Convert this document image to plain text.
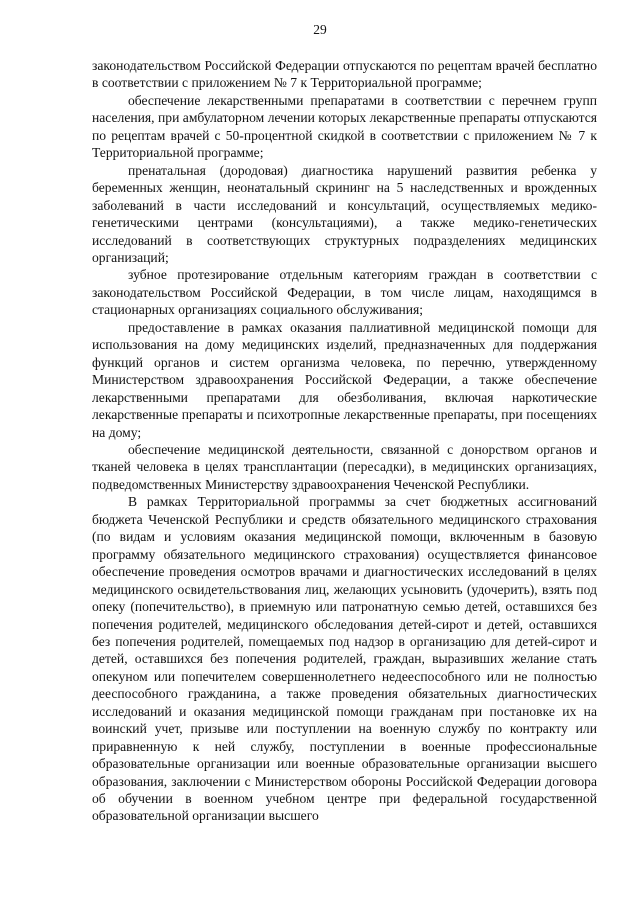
29

законодательством Российской Федерации отпускаются по рецептам врачей бесплатно в соответствии с приложением № 7 к Территориальной программе;

обеспечение лекарственными препаратами в соответствии с перечнем групп населения, при амбулаторном лечении которых лекарственные препараты отпускаются по рецептам врачей с 50-процентной скидкой в соответствии с приложением № 7 к Территориальной программе;

пренатальная (дородовая) диагностика нарушений развития ребенка у беременных женщин, неонатальный скрининг на 5 наследственных и врожденных заболеваний в части исследований и консультаций, осуществляемых медико-генетическими центрами (консультациями), а также медико-генетических исследований в соответствующих структурных подразделениях медицинских организаций;

зубное протезирование отдельным категориям граждан в соответствии с законодательством Российской Федерации, в том числе лицам, находящимся в стационарных организациях социального обслуживания;

предоставление в рамках оказания паллиативной медицинской помощи для использования на дому медицинских изделий, предназначенных для поддержания функций органов и систем организма человека, по перечню, утвержденному Министерством здравоохранения Российской Федерации, а также обеспечение лекарственными препаратами для обезболивания, включая наркотические лекарственные препараты и психотропные лекарственные препараты, при посещениях на дому;

обеспечение медицинской деятельности, связанной с донорством органов и тканей человека в целях трансплантации (пересадки), в медицинских организациях, подведомственных Министерству здравоохранения Чеченской Республики.

В рамках Территориальной программы за счет бюджетных ассигнований бюджета Чеченской Республики и средств обязательного медицинского страхования (по видам и условиям оказания медицинской помощи, включенным в базовую программу обязательного медицинского страхования) осуществляется финансовое обеспечение проведения осмотров врачами и диагностических исследований в целях медицинского освидетельствования лиц, желающих усыновить (удочерить), взять под опеку (попечительство), в приемную или патронатную семью детей, оставшихся без попечения родителей, медицинского обследования детей-сирот и детей, оставшихся без попечения родителей, помещаемых под надзор в организацию для детей-сирот и детей, оставшихся без попечения родителей, граждан, выразивших желание стать опекуном или попечителем совершеннолетнего недееспособного или не полностью дееспособного гражданина, а также проведения обязательных диагностических исследований и оказания медицинской помощи гражданам при постановке их на воинский учет, призыве или поступлении на военную службу по контракту или приравненную к ней службу, поступлении в военные профессиональные образовательные организации или военные образовательные организации высшего образования, заключении с Министерством обороны Российской Федерации договора об обучении в военном учебном центре при федеральной государственной образовательной организации высшего
